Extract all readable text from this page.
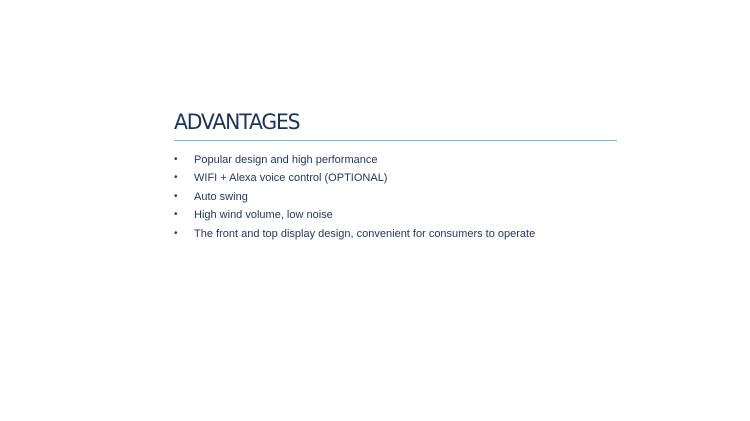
ADVANTAGES
•	Popular design and high performance
•	WIFI + Alexa voice control (OPTIONAL)
•	Auto swing
•	High wind volume, low noise
•	The front and top display design, convenient for consumers to operate
